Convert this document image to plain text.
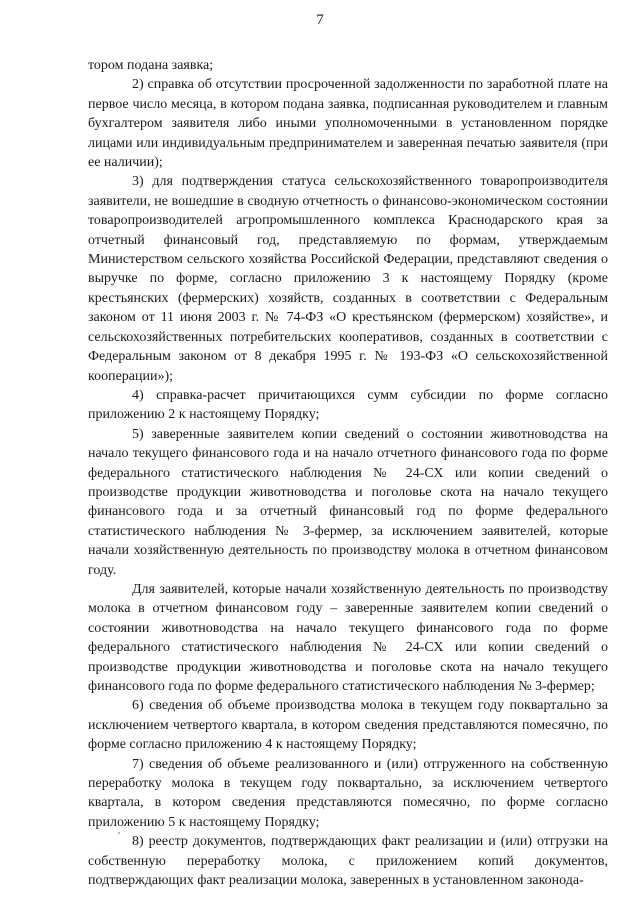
7

тором подана заявка;

2) справка об отсутствии просроченной задолженности по заработной плате на первое число месяца, в котором подана заявка, подписанная руководителем и главным бухгалтером заявителя либо иными уполномоченными в установленном порядке лицами или индивидуальным предпринимателем и заверенная печатью заявителя (при ее наличии);

3) для подтверждения статуса сельскохозяйственного товаропроизводителя заявители, не вошедшие в сводную отчетность о финансово-экономическом состоянии товаропроизводителей агропромышленного комплекса Краснодарского края за отчетный финансовый год, представляемую по формам, утверждаемым Министерством сельского хозяйства Российской Федерации, представляют сведения о выручке по форме, согласно приложению 3 к настоящему Порядку (кроме крестьянских (фермерских) хозяйств, созданных в соответствии с Федеральным законом от 11 июня 2003 г. № 74-ФЗ «О крестьянском (фермерском) хозяйстве», и сельскохозяйственных потребительских кооперативов, созданных в соответствии с Федеральным законом от 8 декабря 1995 г. № 193-ФЗ «О сельскохозяйственной кооперации»);

4) справка-расчет причитающихся сумм субсидии по форме согласно приложению 2 к настоящему Порядку;

5) заверенные заявителем копии сведений о состоянии животноводства на начало текущего финансового года и на начало отчетного финансового года по форме федерального статистического наблюдения № 24-СХ или копии сведений о производстве продукции животноводства и поголовье скота на начало текущего финансового года и за отчетный финансовый год по форме федерального статистического наблюдения № 3-фермер, за исключением заявителей, которые начали хозяйственную деятельность по производству молока в отчетном финансовом году.

Для заявителей, которые начали хозяйственную деятельность по производству молока в отчетном финансовом году – заверенные заявителем копии сведений о состоянии животноводства на начало текущего финансового года по форме федерального статистического наблюдения № 24-СХ или копии сведений о производстве продукции животноводства и поголовье скота на начало текущего финансового года по форме федерального статистического наблюдения № 3-фермер;

6) сведения об объеме производства молока в текущем году поквартально за исключением четвертого квартала, в котором сведения представляются помесячно, по форме согласно приложению 4 к настоящему Порядку;

7) сведения об объеме реализованного и (или) отгруженного на собственную переработку молока в текущем году поквартально, за исключением четвертого квартала, в котором сведения представляются помесячно, по форме согласно приложению 5 к настоящему Порядку;

8) реестр документов, подтверждающих факт реализации и (или) отгрузки на собственную переработку молока, с приложением копий документов, подтверждающих факт реализации молока, заверенных в установленном законода-
